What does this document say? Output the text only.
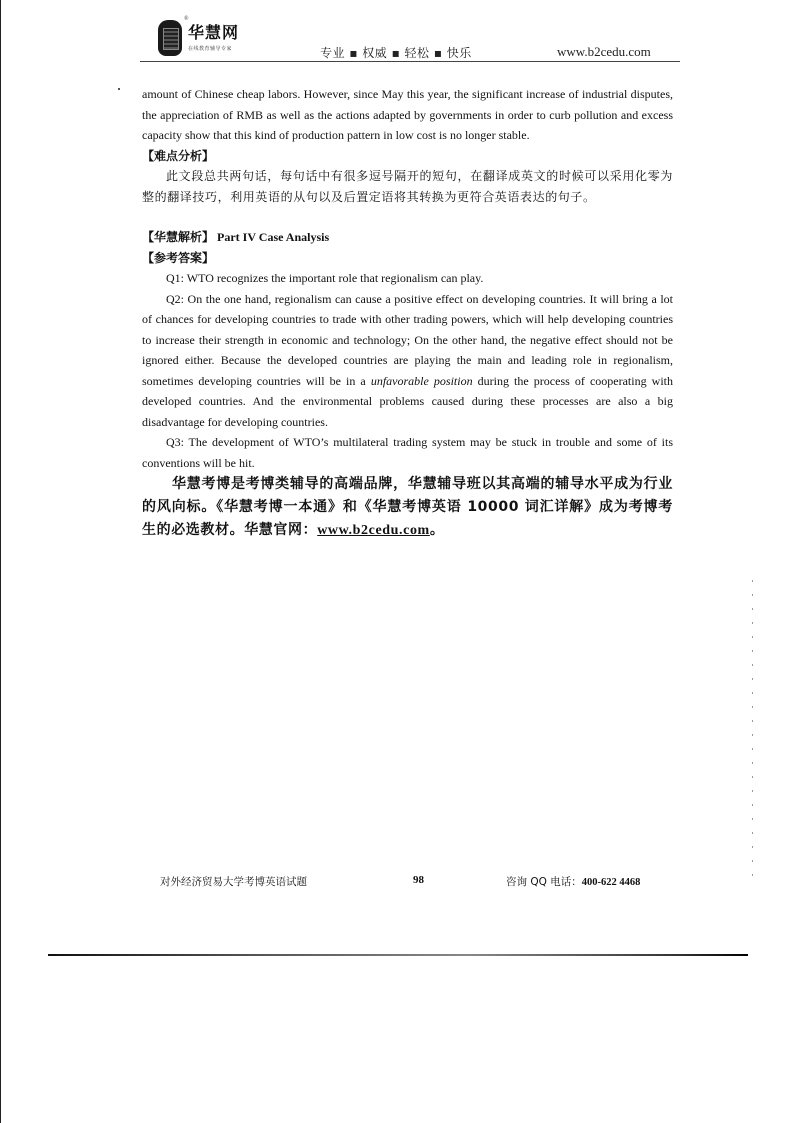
®
华慧网
在线教育辅导专家	专业 ▪ 权威 ▪ 轻松 ▪ 快乐	www.b2cedu.com

amount of Chinese cheap labors. However, since May this year, the significant increase of industrial disputes, the appreciation of RMB as well as the actions adapted by governments in order to curb pollution and excess capacity show that this kind of production pattern in low cost is no longer stable.

【难点分析】

此文段总共两句话，每句话中有很多逗号隔开的短句，在翻译成英文的时候可以采用化零为整的翻译技巧，利用英语的从句以及后置定语将其转换为更符合英语表达的句子。

【华慧解析】 Part IV Case Analysis

【参考答案】

Q1: WTO recognizes the important role that regionalism can play.

Q2: On the one hand, regionalism can cause a positive effect on developing countries. It will bring a lot of chances for developing countries to trade with other trading powers, which will help developing countries to increase their strength in economic and technology; On the other hand, the negative effect should not be ignored either. Because the developed countries are playing the main and leading role in regionalism, sometimes developing countries will be in a unfavorable position during the process of cooperating with developed countries. And the environmental problems caused during these processes are also a big disadvantage for developing countries.

Q3: The development of WTO’s multilateral trading system may be stuck in trouble and some of its conventions will be hit.

华慧考博是考博类辅导的高端品牌，华慧辅导班以其高端的辅导水平成为行业的风向标。《华慧考博一本通》和《华慧考博英语 10000 词汇详解》成为考博考生的必选教材。华慧官网：www.b2cedu.com。

对外经济贸易大学考博英语试题	98	咨询 QQ 电话：400-622 4468
